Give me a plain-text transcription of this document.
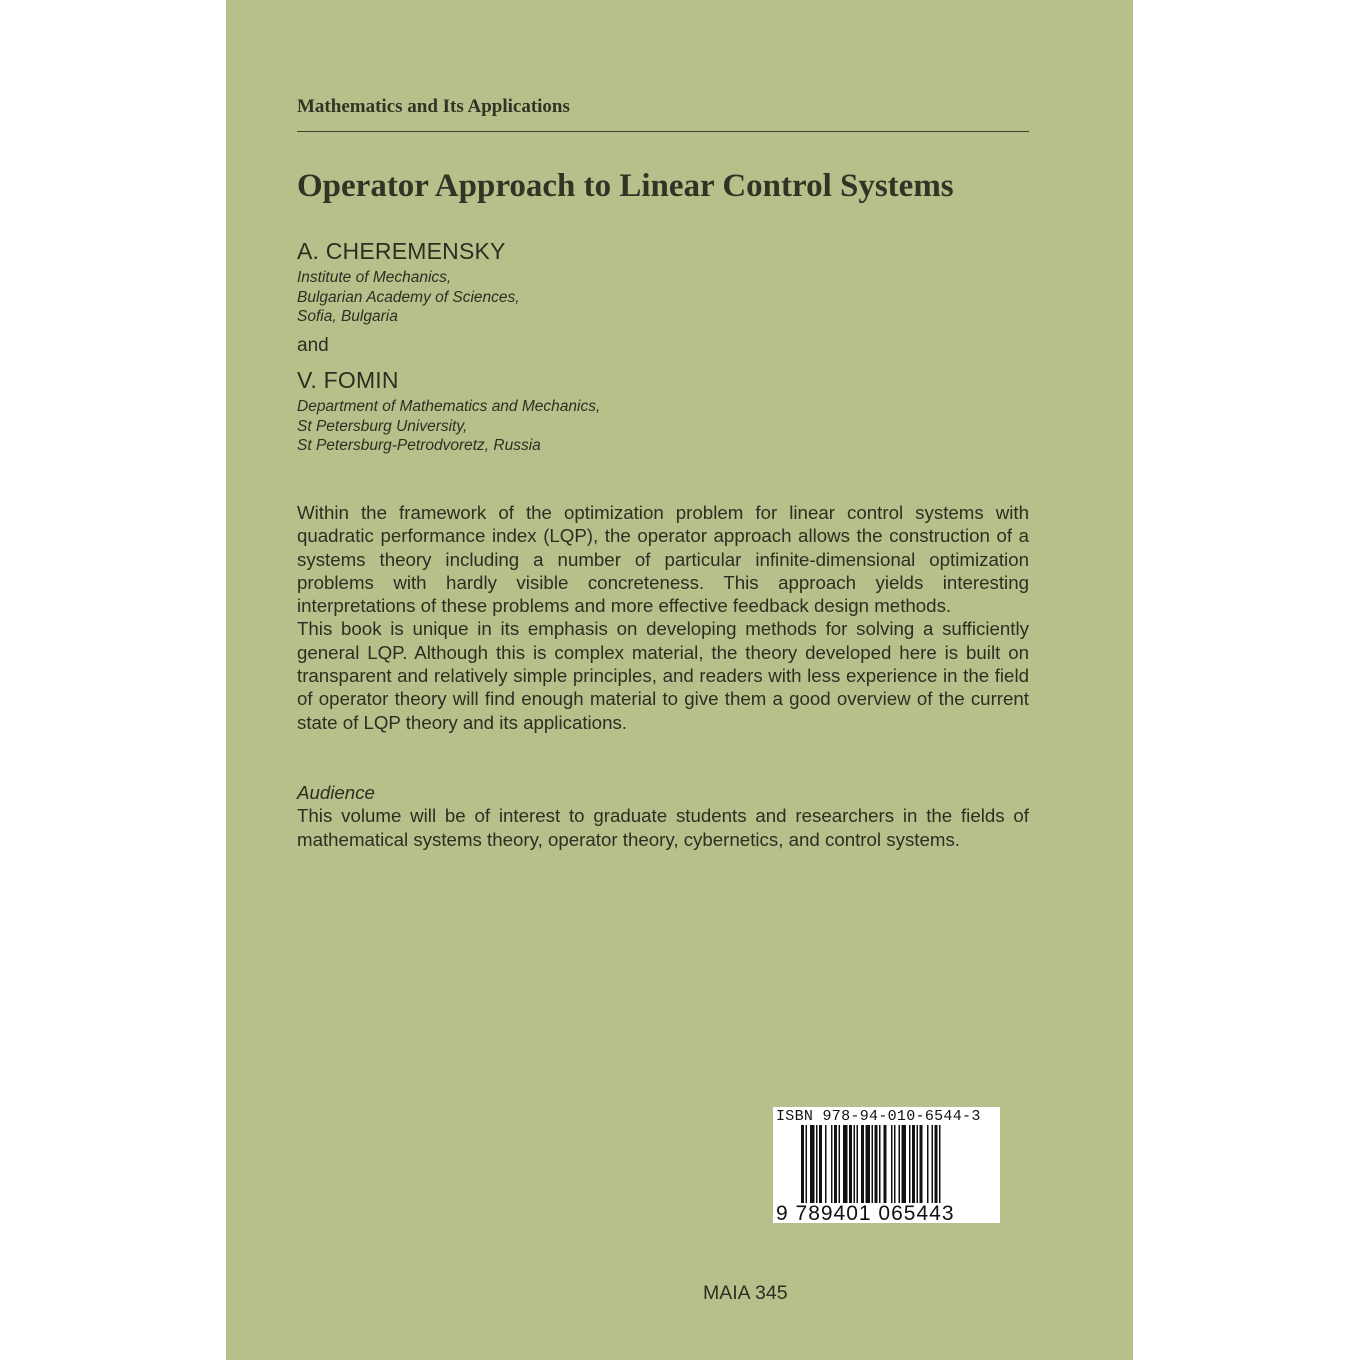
Mathematics and Its Applications
Operator Approach to Linear Control Systems
A. CHEREMENSKY
Institute of Mechanics,
Bulgarian Academy of Sciences,
Sofia, Bulgaria
and
V. FOMIN
Department of Mathematics and Mechanics,
St Petersburg University,
St Petersburg-Petrodvoretz, Russia

Within the framework of the optimization problem for linear control systems with quadratic performance index (LQP), the operator approach allows the construction of a systems theory including a number of particular infinite-dimensional optimization problems with hardly visible concreteness. This approach yields interesting interpretations of these problems and more effective feedback design methods.

This book is unique in its emphasis on developing methods for solving a sufficiently general LQP. Although this is complex material, the theory developed here is built on transparent and relatively simple principles, and readers with less experience in the field of operator theory will find enough material to give them a good overview of the current state of LQP theory and its applications.

Audience

This volume will be of interest to graduate students and researchers in the fields of mathematical systems theory, operator theory, cybernetics, and control systems.

ISBN 978-94-010-6544-3
9 789401 065443
MAIA 345
